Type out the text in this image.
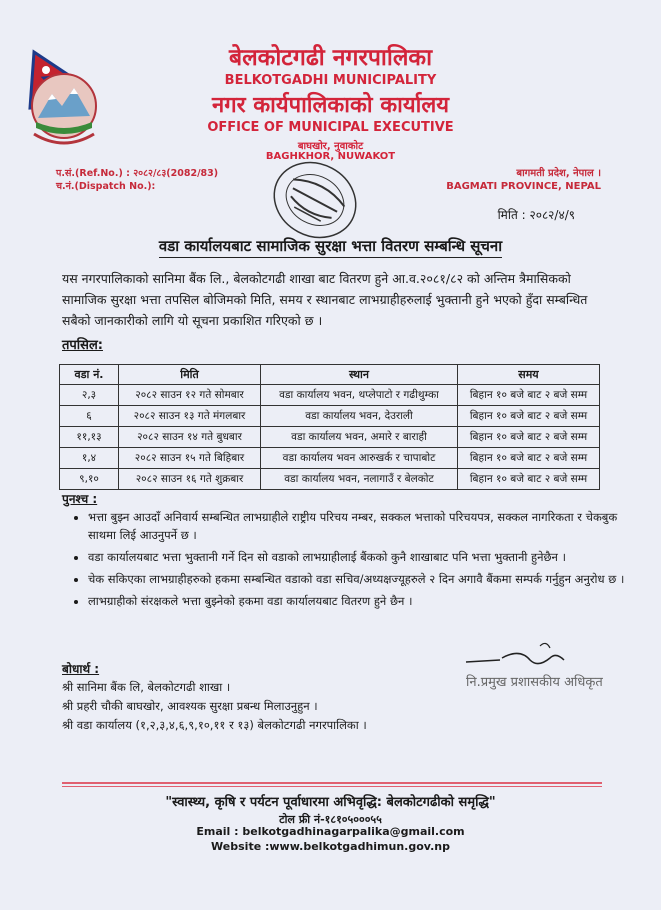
बेलकोटगढी नगरपालिका
BELKOTGADHI MUNICIPALITY
नगर कार्यपालिकाको कार्यालय
OFFICE OF MUNICIPAL EXECUTIVE
बाघखोर, नुवाकोट
BAGHKHOR, NUWAKOT
प.सं.(Ref.No.) : २०८२/८३(2082/83)
च.नं.(Dispatch No.):
बागमती प्रदेश, नेपाल ।
BAGMATI PROVINCE, NEPAL
मिति : २०८२/४/९
वडा कार्यालयबाट सामाजिक सुरक्षा भत्ता वितरण सम्बन्धि सूचना
यस नगरपालिकाको सानिमा बैंक लि., बेलकोटगढी शाखा बाट वितरण हुने आ.व.२०८१/८२ को अन्तिम त्रैमासिकको सामाजिक सुरक्षा भत्ता तपसिल बोजिमको मिति, समय र स्थानबाट लाभग्राहीहरुलाई भुक्तानी हुने भएको हुँदा सम्बन्धित सबैको जानकारीको लागि यो सूचना प्रकाशित गरिएको छ ।
तपसिल:
वडा नं.	मिति	स्थान	समय
२,३	२०८२ साउन १२ गते सोमबार	वडा कार्यालय भवन, थप्लेपाटो र गढीथुम्का	बिहान १० बजे बाट २ बजे सम्म
६	२०८२ साउन १३ गते मंगलबार	वडा कार्यालय भवन, देउराली	बिहान १० बजे बाट २ बजे सम्म
११,१३	२०८२ साउन १४ गते बुधबार	वडा कार्यालय भवन, अमारे र बाराही	बिहान १० बजे बाट २ बजे सम्म
१,४	२०८२ साउन १५ गते बिहिबार	वडा कार्यालय भवन आरुखर्क र चापाबोट	बिहान १० बजे बाट २ बजे सम्म
९,१०	२०८२ साउन १६ गते शुक्रबार	वडा कार्यालय भवन, नलागाउँ र बेलकोट	बिहान १० बजे बाट २ बजे सम्म
पुनश्च :
• भत्ता बुझ्न आउदाँ अनिवार्य सम्बन्धित लाभग्राहीले राष्ट्रीय परिचय नम्बर, सक्कल भत्ताको परिचयपत्र, सक्कल नागरिकता र चेकबुक साथमा लिई आउनुपर्ने छ ।
• वडा कार्यालयबाट भत्ता भुक्तानी गर्ने दिन सो वडाको लाभग्राहीलाई बैंकको कुनै शाखाबाट पनि भत्ता भुक्तानी हुनेछैन ।
• चेक सकिएका लाभग्राहीहरुको हकमा सम्बन्धित वडाको वडा सचिव/अध्यक्षज्यूहरुले २ दिन अगावै बैंकमा सम्पर्क गर्नुहुन अनुरोध छ ।
• लाभग्राहीको संरक्षकले भत्ता बुझ्नेको हकमा वडा कार्यालयबाट वितरण हुने छैन ।
नि.प्रमुख प्रशासकीय अधिकृत
बोधार्थ :
श्री सानिमा बैंक लि, बेलकोटगढी शाखा ।
श्री प्रहरी चौकी बाघखोर, आवश्यक सुरक्षा प्रबन्ध मिलाउनुहुन ।
श्री वडा कार्यालय (१,२,३,४,६,९,१०,११ र १३) बेलकोटगढी नगरपालिका ।
"स्वास्थ्य, कृषि र पर्यटन पूर्वाधारमा अभिवृद्धि: बेलकोटगढीको समृद्धि"
टोल फ्री नं-१८१०५०००५५
Email : belkotgadhinagarpalika@gmail.com
Website :www.belkotgadhimun.gov.np
